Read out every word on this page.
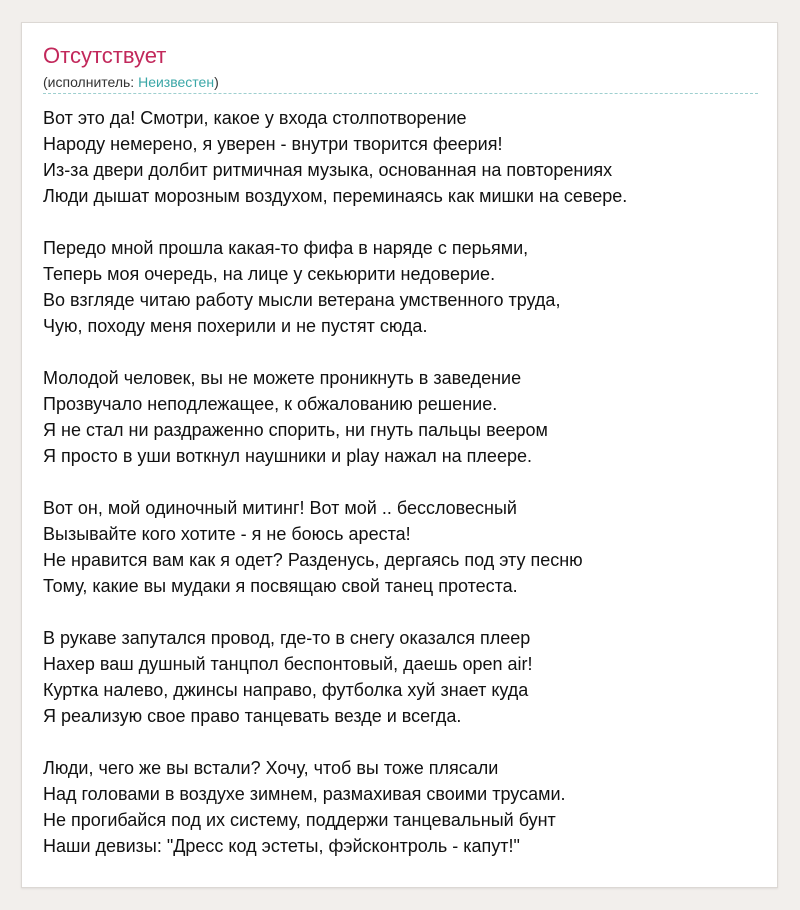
Отсутствует
(исполнитель: Неизвестен)
Вот это да! Смотри, какое у входа столпотворение
Народу немерено, я уверен - внутри творится феерия!
Из-за двери долбит ритмичная музыка, основанная на повторениях
Люди дышат морозным воздухом, переминаясь как мишки на севере.
Передо мной прошла какая-то фифа в наряде с перьями,
Теперь моя очередь, на лице у секьюрити недоверие.
Во взгляде читаю работу мысли ветерана умственного труда,
Чую, походу меня похерили и не пустят сюда.
Молодой человек, вы не можете проникнуть в заведение
Прозвучало неподлежащее, к обжалованию решение.
Я не стал ни раздраженно спорить, ни гнуть пальцы веером
Я просто в уши воткнул наушники и play нажал на плеере.
Вот он, мой одиночный митинг! Вот мой .. бессловесный
Вызывайте кого хотите - я не боюсь ареста!
Не нравится вам как я одет? Разденусь, дергаясь под эту песню
Тому, какие вы мудаки я посвящаю свой танец протеста.
В рукаве запутался провод, где-то в снегу оказался плеер
Нахер ваш душный танцпол беспонтовый, даешь open air!
Куртка налево, джинсы направо, футболка хуй знает куда
Я реализую свое право танцевать везде и всегда.
Люди, чего же вы встали? Хочу, чтоб вы тоже плясали
Над головами в воздухе зимнем, размахивая своими трусами.
Не прогибайся под их систему, поддержи танцевальный бунт
Наши девизы: "Дресс код эстеты, фэйсконтроль - капут!"
